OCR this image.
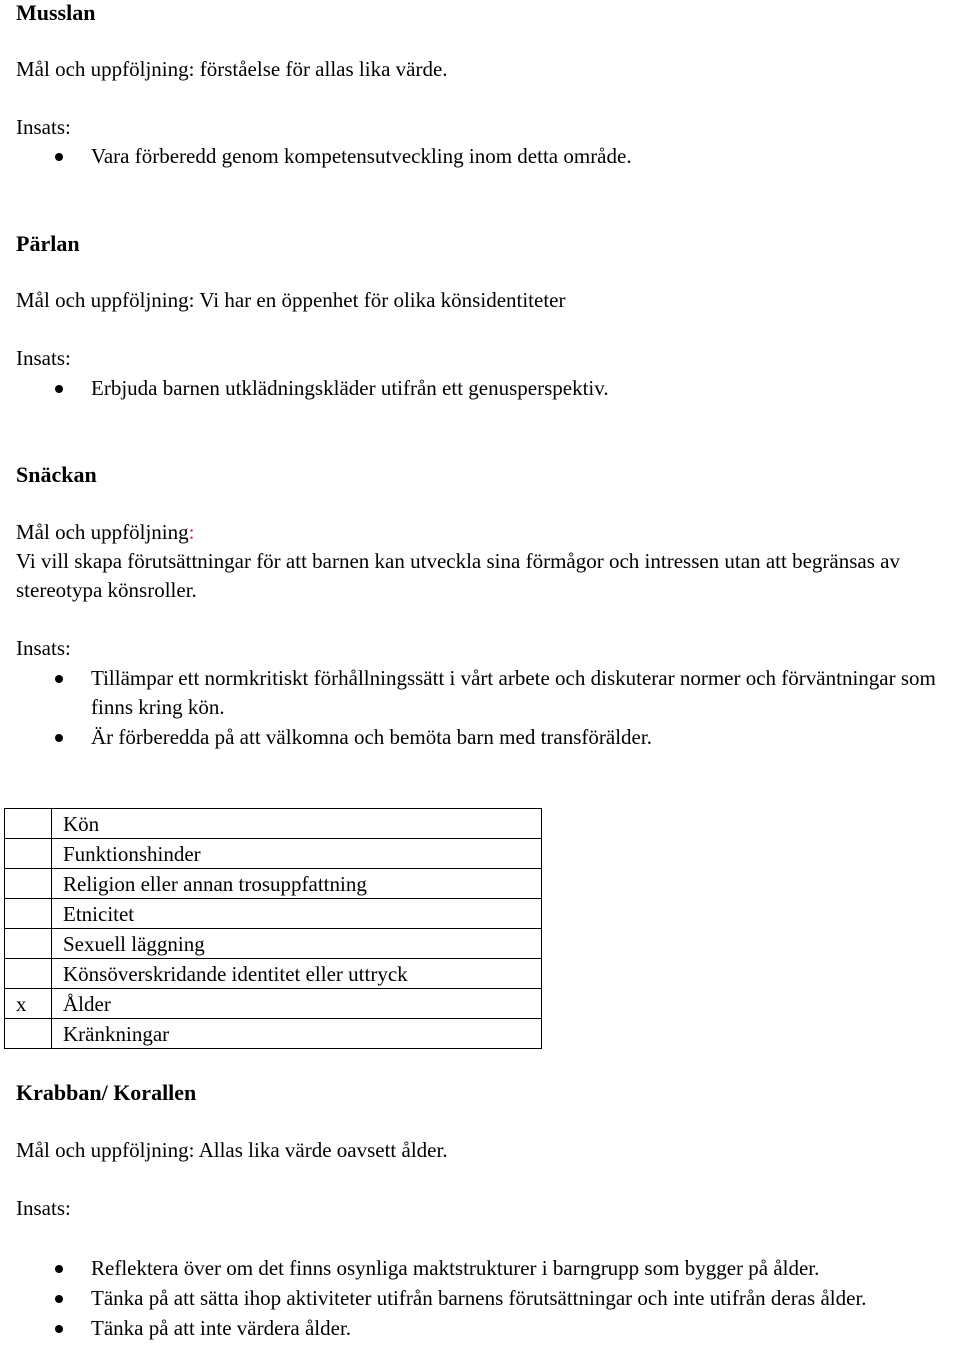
Musslan

Mål och uppföljning: förståelse för allas lika värde.

Insats:

Vara förberedd genom kompetensutveckling inom detta område.

Pärlan

Mål och uppföljning: Vi har en öppenhet för olika könsidentiteter

Insats:

Erbjuda barnen utklädningskläder utifrån ett genusperspektiv.

Snäckan

Mål och uppföljning:

Vi vill skapa förutsättningar för att barnen kan utveckla sina förmågor och intressen utan att begränsas av stereotypa könsroller.

Insats:

Tillämpar ett normkritiskt förhållningssätt i vårt arbete och diskuterar normer och förväntningar som finns kring kön.
Är förberedda på att välkomna och bemöta barn med transförälder.
	Kön
	Funktionshinder
	Religion eller annan trosuppfattning
	Etnicitet
	Sexuell läggning
	Könsöverskridande identitet eller uttryck
x	Ålder
	Kränkningar

Krabban/ Korallen

Mål och uppföljning: Allas lika värde oavsett ålder.

Insats:

Reflektera över om det finns osynliga maktstrukturer i barngrupp som bygger på ålder.
Tänka på att sätta ihop aktiviteter utifrån barnens förutsättningar och inte utifrån deras ålder.
Tänka på att inte värdera ålder.
